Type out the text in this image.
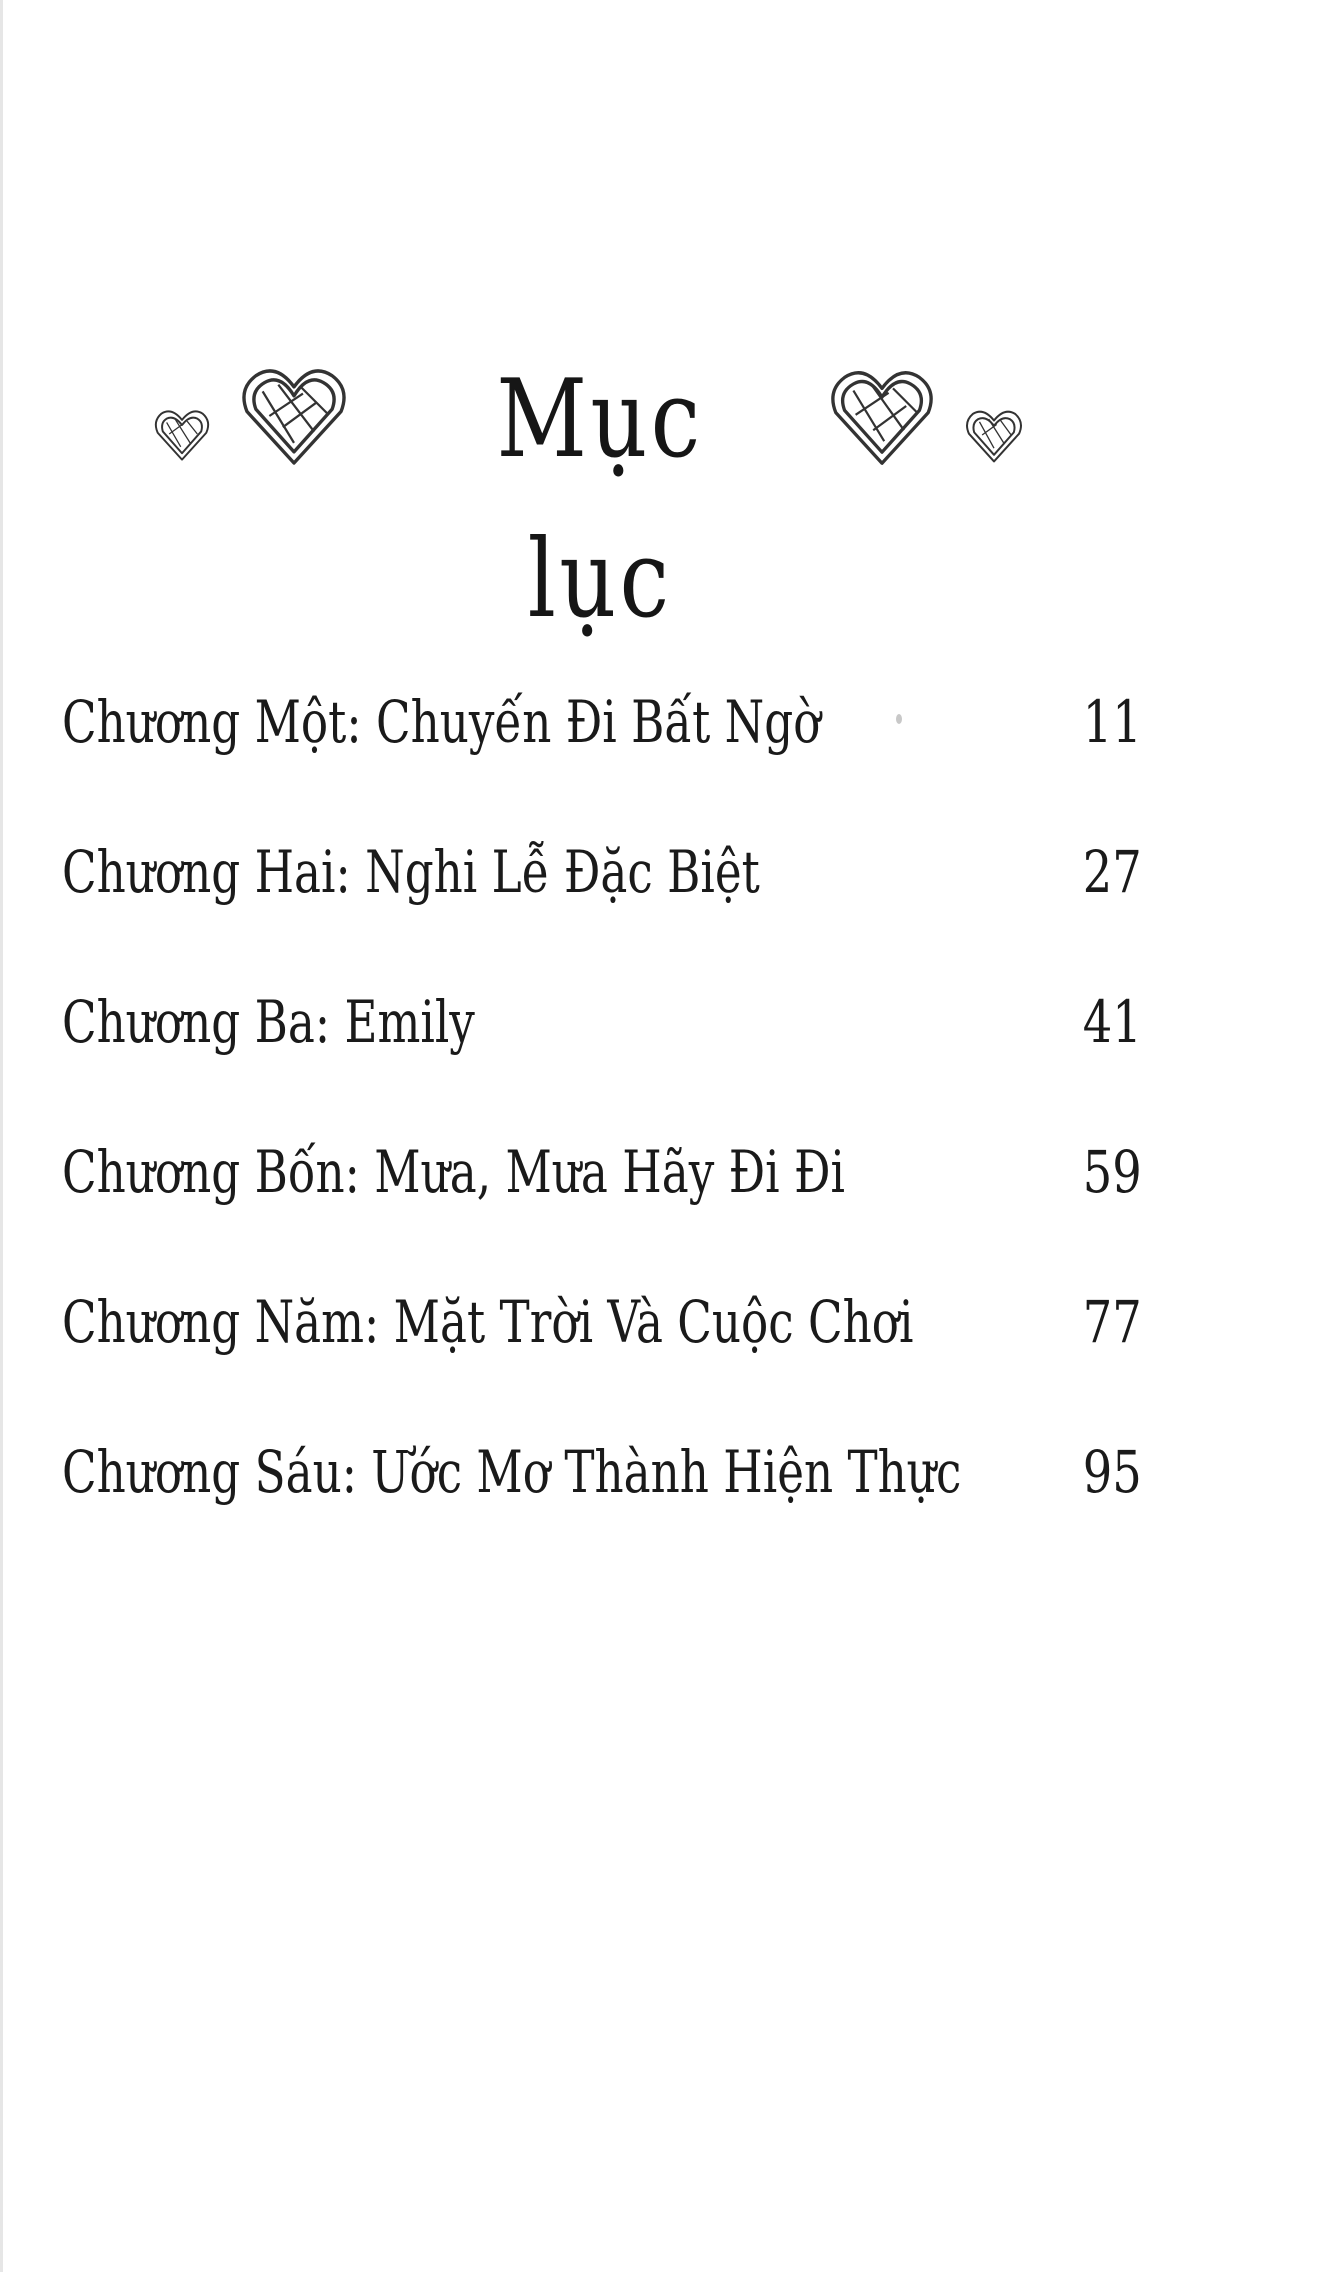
Mục lục
Chương Một: Chuyến Đi Bất Ngờ	11
Chương Hai: Nghi Lễ Đặc Biệt	27
Chương Ba: Emily	41
Chương Bốn: Mưa, Mưa Hãy Đi Đi	59
Chương Năm: Mặt Trời Và Cuộc Chơi	77
Chương Sáu: Ước Mơ Thành Hiện Thực 95
